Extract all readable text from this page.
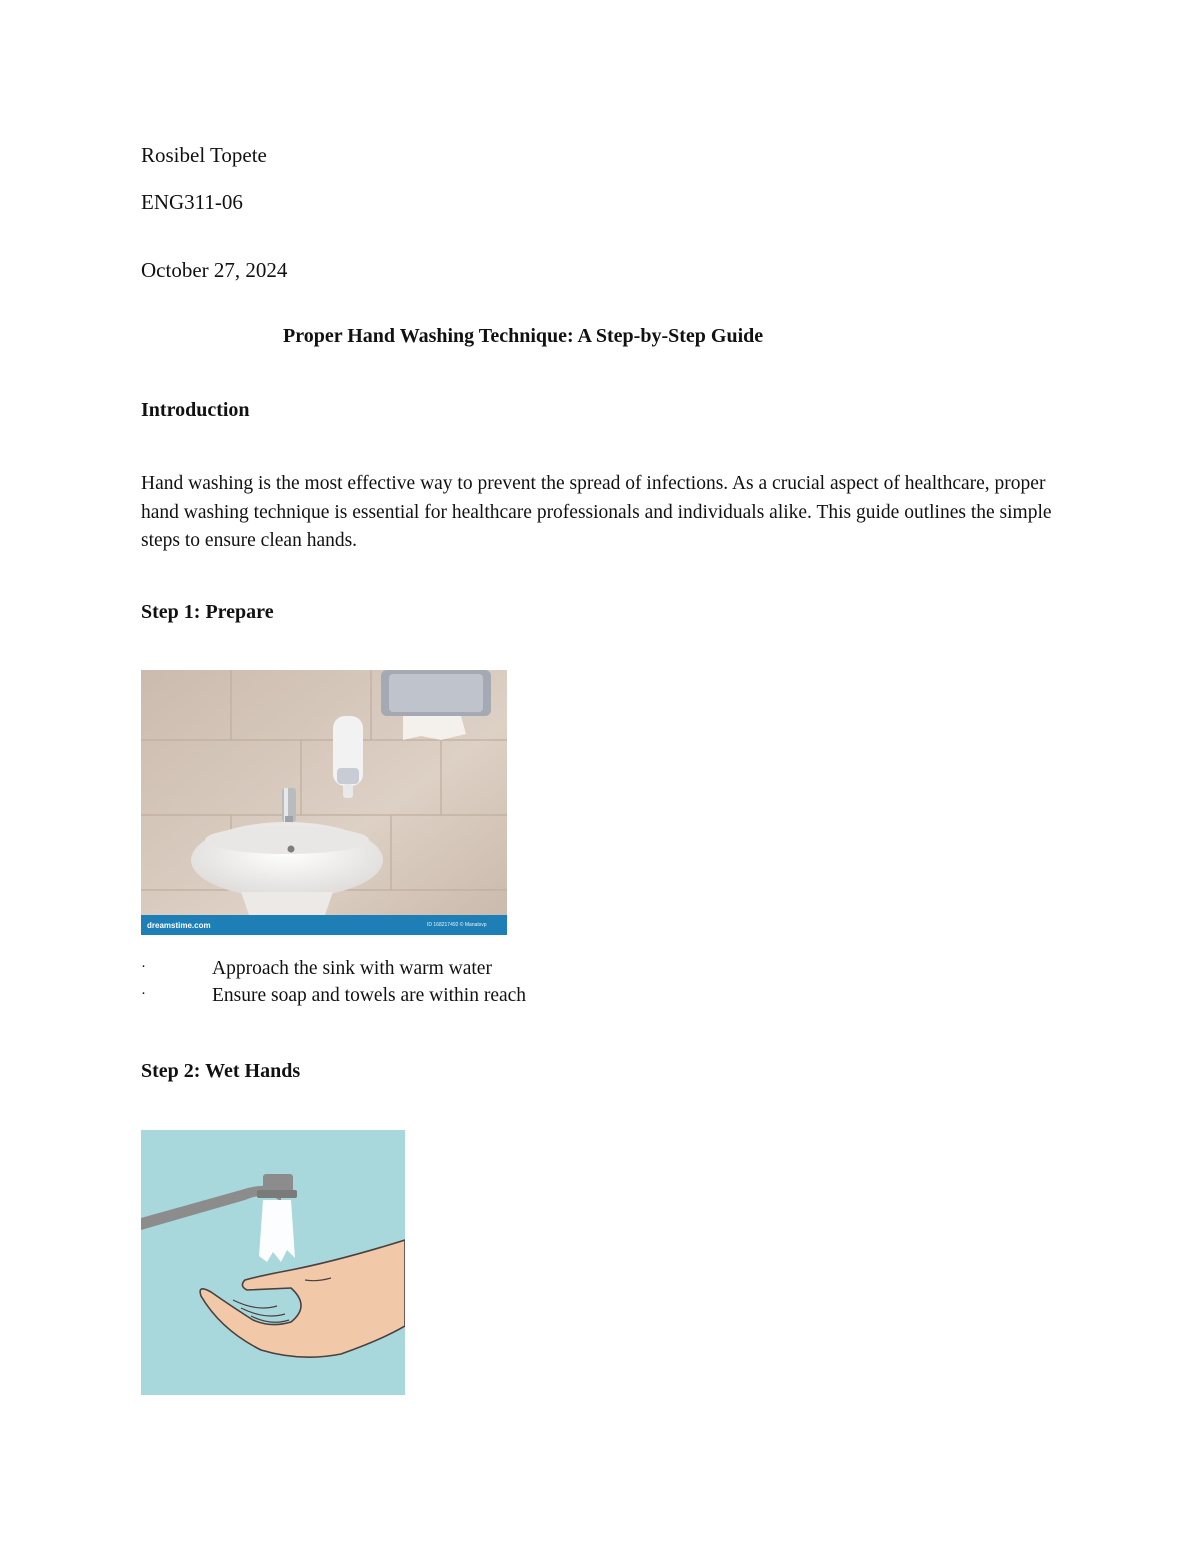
Rosibel Topete

ENG311-06

October 27, 2024

Proper Hand Washing Technique: A Step-by-Step Guide

Introduction

Hand washing is the most effective way to prevent the spread of infections. As a crucial aspect of healthcare, proper hand washing technique is essential for healthcare professionals and individuals alike. This guide outlines the simple steps to ensure clean hands.

Step 1: Prepare

dreamstime.com	ID 168217492 © Manatsvp
·	Approach the sink with warm water
·	Ensure soap and towels are within reach

Step 2: Wet Hands
